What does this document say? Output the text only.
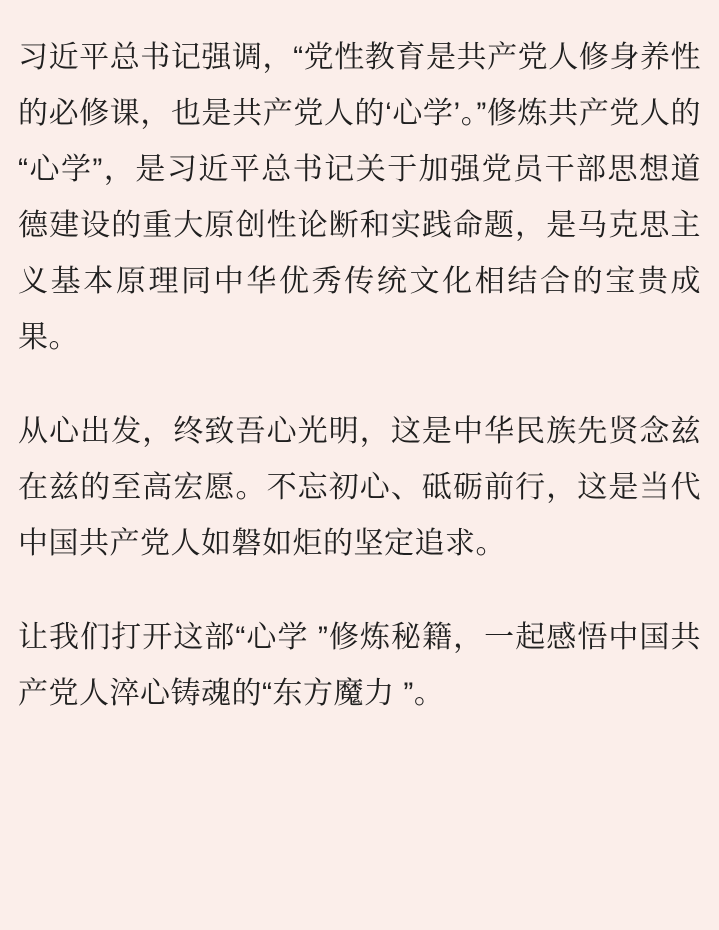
习近平总书记强调，“党性教育是共产党人修身养性的必修课，也是共产党人的‘心学’。”修炼共产党人的“心学”，是习近平总书记关于加强党员干部思想道德建设的重大原创性论断和实践命题，是马克思主义基本原理同中华优秀传统文化相结合的宝贵成果。

从心出发，终致吾心光明，这是中华民族先贤念兹在兹的至高宏愿。不忘初心、砥砺前行，这是当代中国共产党人如磐如炬的坚定追求。

让我们打开这部“心学 ”修炼秘籍，一起感悟中国共产党人淬心铸魂的“东方魔力 ”。
